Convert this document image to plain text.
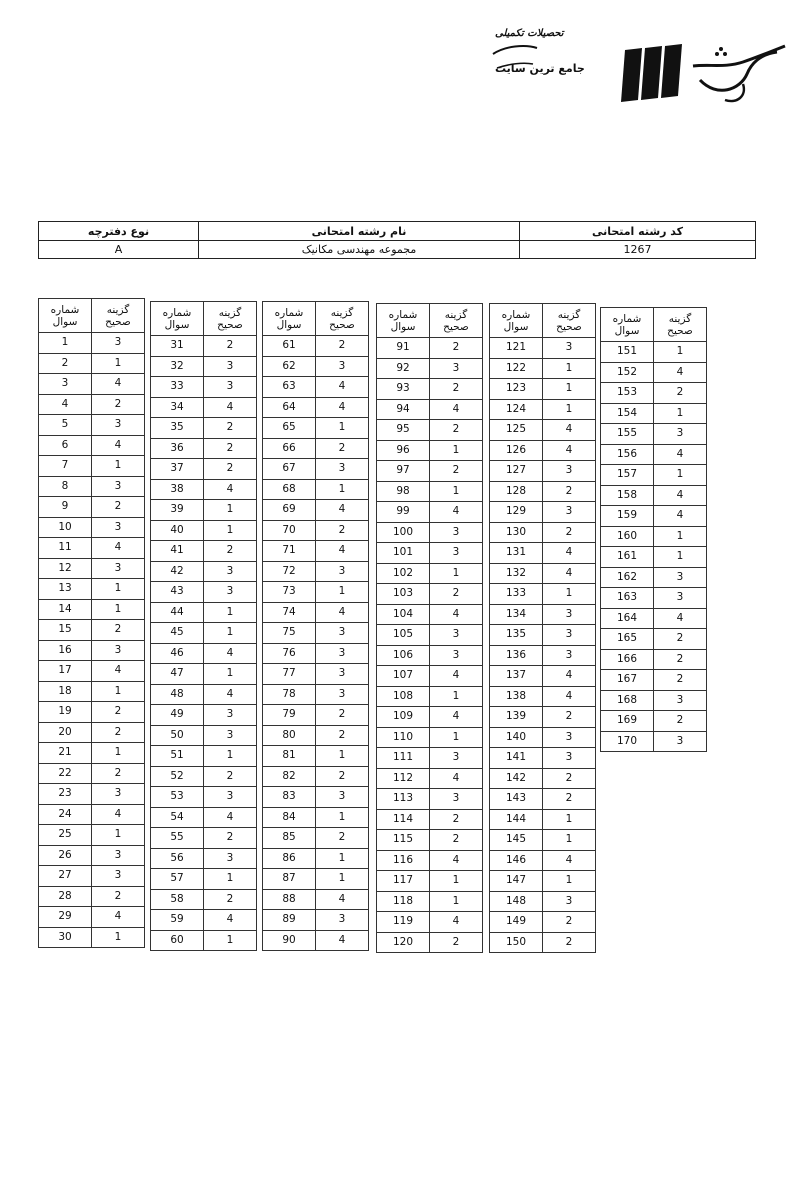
تحصیلات تکمیلی
جامع ترین سایت
نوع دفترچه	نام رشته امتحانی	کد رشته امتحانی
A	مجموعه مهندسی مکانیک	1267
شماره
سوال	گزینه
صحیح

1	3
2	1
3	4
4	2
5	3
6	4
7	1
8	3
9	2
10	3
11	4
12	3
13	1
14	1
15	2
16	3
17	4
18	1
19	2
20	2
21	1
22	2
23	3
24	4
25	1
26	3
27	3
28	2
29	4
30	1
شماره
سوال	گزینه
صحیح

31	2
32	3
33	3
34	4
35	2
36	2
37	2
38	4
39	1
40	1
41	2
42	3
43	3
44	1
45	1
46	4
47	1
48	4
49	3
50	3
51	1
52	2
53	3
54	4
55	2
56	3
57	1
58	2
59	4
60	1
شماره
سوال	گزینه
صحیح

61	2
62	3
63	4
64	4
65	1
66	2
67	3
68	1
69	4
70	2
71	4
72	3
73	1
74	4
75	3
76	3
77	3
78	3
79	2
80	2
81	1
82	2
83	3
84	1
85	2
86	1
87	1
88	4
89	3
90	4
شماره
سوال	گزینه
صحیح

91	2
92	3
93	2
94	4
95	2
96	1
97	2
98	1
99	4
100	3
101	3
102	1
103	2
104	4
105	3
106	3
107	4
108	1
109	4
110	1
111	3
112	4
113	3
114	2
115	2
116	4
117	1
118	1
119	4
120	2
شماره
سوال	گزینه
صحیح

121	3
122	1
123	1
124	1
125	4
126	4
127	3
128	2
129	3
130	2
131	4
132	4
133	1
134	3
135	3
136	3
137	4
138	4
139	2
140	3
141	3
142	2
143	2
144	1
145	1
146	4
147	1
148	3
149	2
150	2
شماره
سوال	گزینه
صحیح

151	1
152	4
153	2
154	1
155	3
156	4
157	1
158	4
159	4
160	1
161	1
162	3
163	3
164	4
165	2
166	2
167	2
168	3
169	2
170	3
